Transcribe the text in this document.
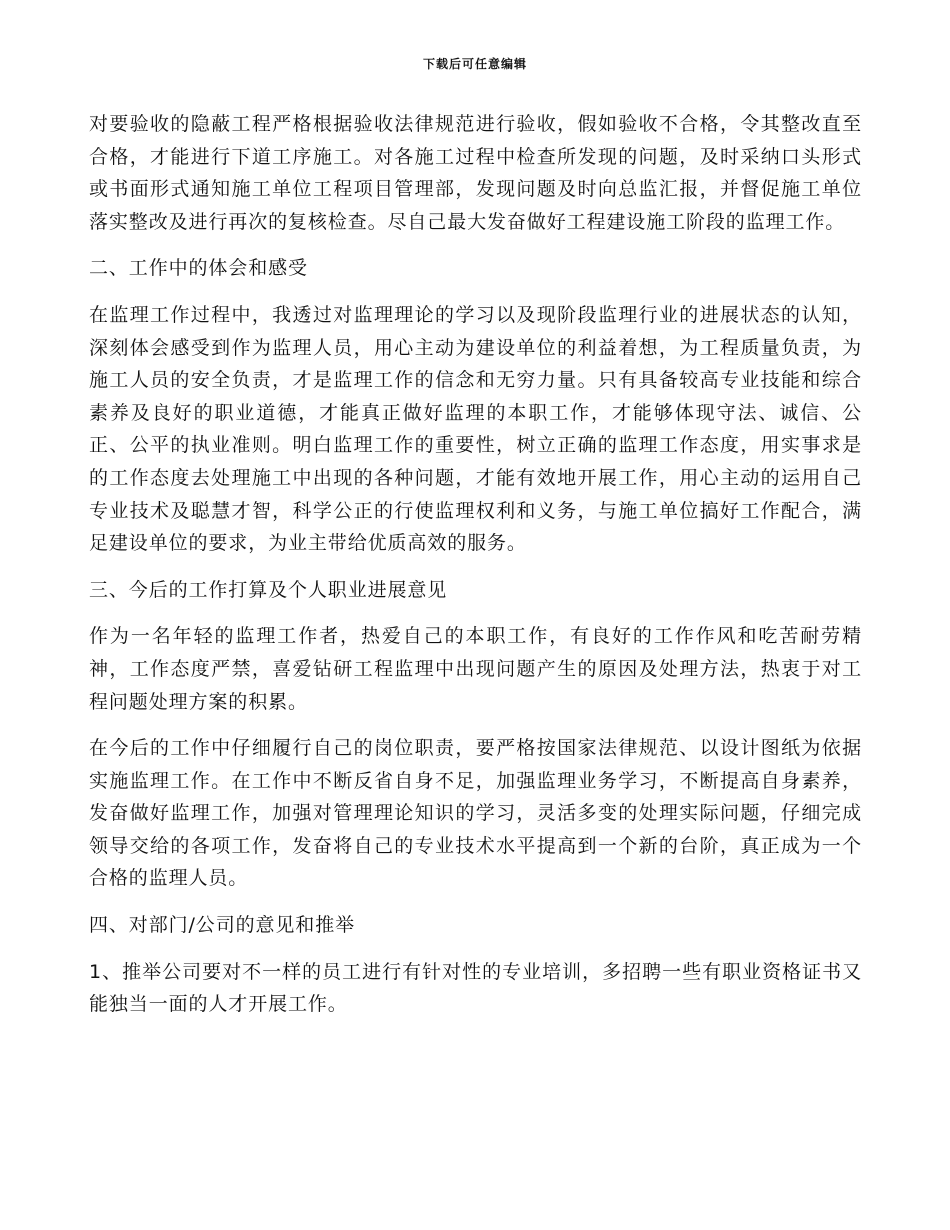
下载后可任意编辑

对要验收的隐蔽工程严格根据验收法律规范进行验收，假如验收不合格，令其整改直至合格，才能进行下道工序施工。对各施工过程中检查所发现的问题，及时采纳口头形式或书面形式通知施工单位工程项目管理部，发现问题及时向总监汇报，并督促施工单位落实整改及进行再次的复核检查。尽自己最大发奋做好工程建设施工阶段的监理工作。

二、工作中的体会和感受

在监理工作过程中，我透过对监理理论的学习以及现阶段监理行业的进展状态的认知，深刻体会感受到作为监理人员，用心主动为建设单位的利益着想，为工程质量负责，为施工人员的安全负责，才是监理工作的信念和无穷力量。只有具备较高专业技能和综合素养及良好的职业道德，才能真正做好监理的本职工作，才能够体现守法、诚信、公正、公平的执业准则。明白监理工作的重要性，树立正确的监理工作态度，用实事求是的工作态度去处理施工中出现的各种问题，才能有效地开展工作，用心主动的运用自己专业技术及聪慧才智，科学公正的行使监理权利和义务，与施工单位搞好工作配合，满足建设单位的要求，为业主带给优质高效的服务。

三、今后的工作打算及个人职业进展意见

作为一名年轻的监理工作者，热爱自己的本职工作，有良好的工作作风和吃苦耐劳精神，工作态度严禁，喜爱钻研工程监理中出现问题产生的原因及处理方法，热衷于对工程问题处理方案的积累。

在今后的工作中仔细履行自己的岗位职责，要严格按国家法律规范、以设计图纸为依据实施监理工作。在工作中不断反省自身不足，加强监理业务学习，不断提高自身素养，发奋做好监理工作，加强对管理理论知识的学习，灵活多变的处理实际问题，仔细完成领导交给的各项工作，发奋将自己的专业技术水平提高到一个新的台阶，真正成为一个合格的监理人员。

四、对部门/公司的意见和推举

1、推举公司要对不一样的员工进行有针对性的专业培训，多招聘一些有职业资格证书又能独当一面的人才开展工作。
